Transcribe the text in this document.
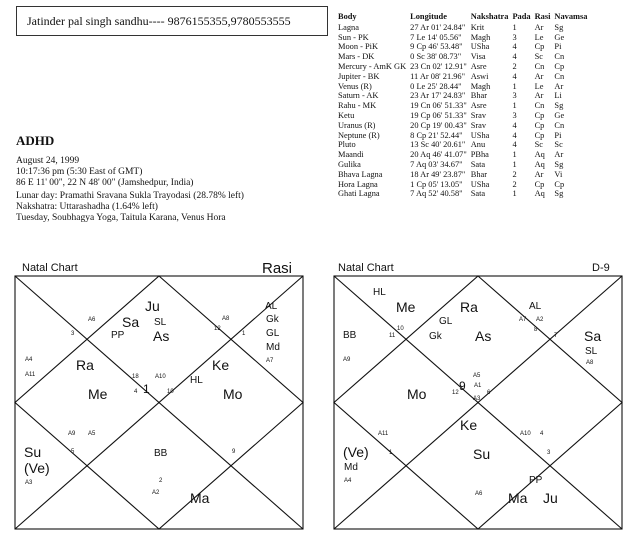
Jatinder pal singh sandhu---- 9876155355,9780553555
ADHD
August 24, 1999
10:17:36 pm (5:30 East of GMT)
86 E 11' 00", 22 N 48' 00" (Jamshedpur, India)
Lunar day: Pramathi Sravana Sukla Trayodasi (28.78% left)
Nakshatra: Uttarashadha (1.64% left)
Tuesday, Soubhagya Yoga, Taitula Karana, Venus Hora
Body	Longitude	Nakshatra	Pada	Rasi	Navamsa
Lagna	27 Ar 01' 24.84"	Krit	1	Ar	Sg
Sun - PK	7 Le 14' 05.56"	Magh	3	Le	Ge
Moon - PiK	9 Cp 46' 53.48"	USha	4	Cp	Pi
Mars - DK	0 Sc 38' 08.73"	Visa	4	Sc	Cn
Mercury - AmK GK	23 Cn 02' 12.91"	Asre	2	Cn	Cp
Jupiter - BK	11 Ar 08' 21.96"	Aswi	4	Ar	Cn
Venus (R)	0 Le 25' 28.44"	Magh	1	Le	Ar
Saturn - AK	23 Ar 17' 24.83"	Bhar	3	Ar	Li
Rahu - MK	19 Cn 06' 51.33"	Asre	1	Cn	Sg
Ketu	19 Cp 06' 51.33"	Srav	3	Cp	Ge
Uranus (R)	20 Cp 19' 00.43"	Srav	4	Cp	Cn
Neptune (R)	8 Cp 21' 52.44"	USha	4	Cp	Pi
Pluto	13 Sc 40' 20.61"	Anu	4	Sc	Sc
Maandi	20 Aq 46' 41.07"	PBha	1	Aq	Ar
Gulika	7 Aq 03' 34.67"	Sata	1	Aq	Sg
Bhava Lagna	18 Ar 49' 23.87"	Bhar	2	Ar	Vi
Hora Lagna	1 Cp 05' 13.05"	USha	2	Cp	Cp
Ghati Lagna	7 Aq 52' 40.58"	Sata	1	Aq	Sg
Natal Chart	Rasi
Ju
Sa SL
PP As
A6
3
A8
12
1
AL
Gk
GL
Md
A7
A4
A11
Ra
Me
18
4 1	10
A10 HL
Ke
Mo
A9 A5
5
Su
(Ve)
A3
BB	9
2
A2 Ma
Natal Chart	D-9
HL
Me	Ra
GL
Gk As
10
11
AL
A7 A2
8
7 Sa
SL
A8
BB
A9
Mo
A5
9
12	6
A1
A3
Ke
Su
A11	A10 4
1	3
(Ve)
Md
A4
A6
PP
Ma Ju
